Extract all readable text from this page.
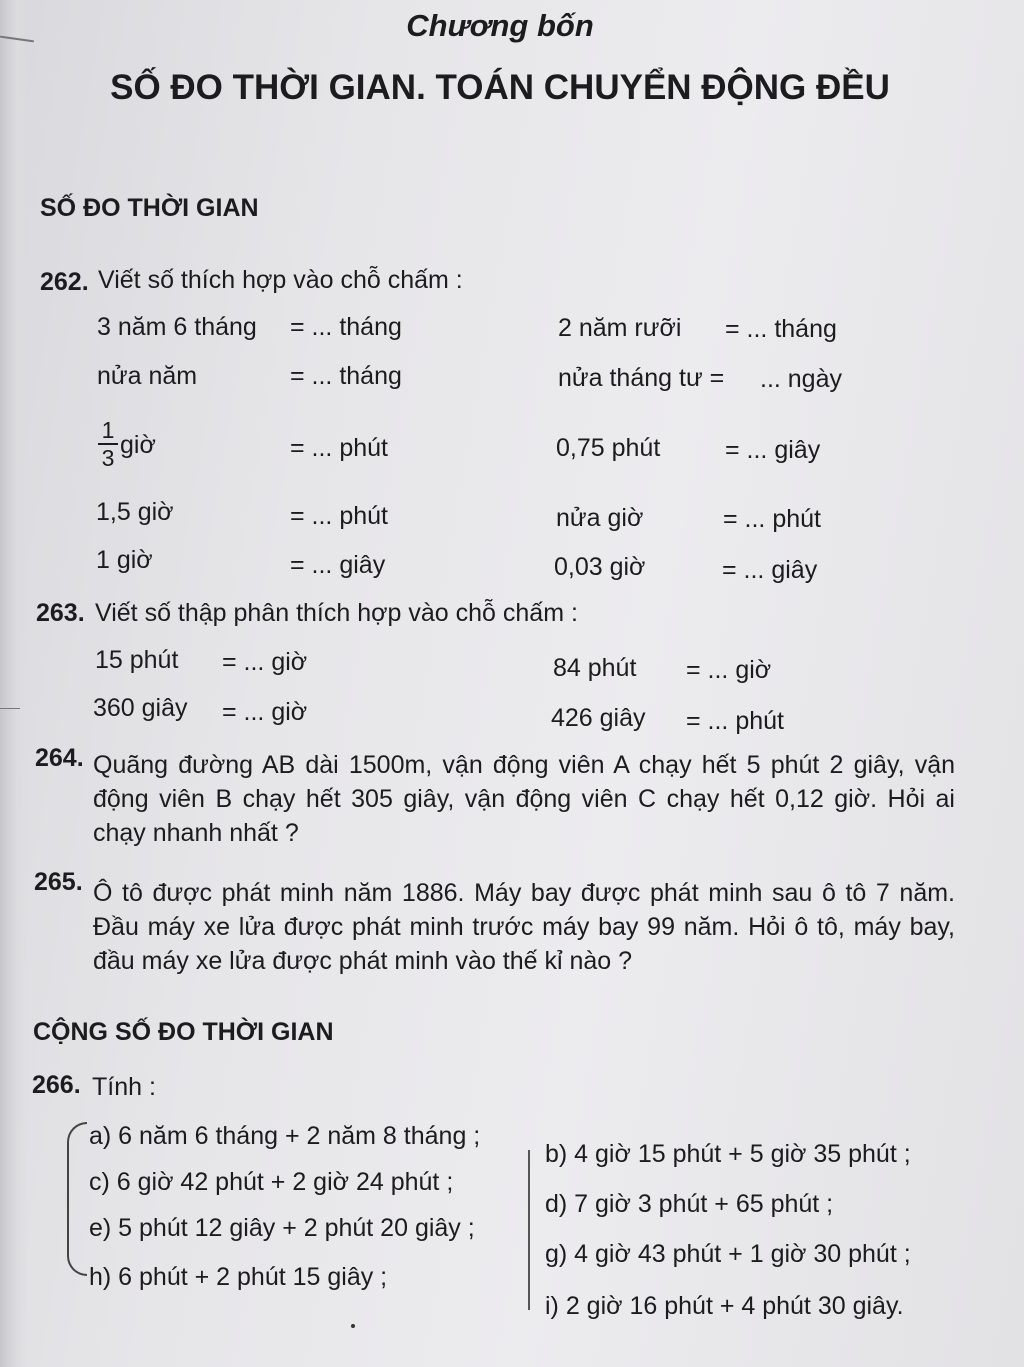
Chương bốn
SỐ ĐO THỜI GIAN. TOÁN CHUYỂN ĐỘNG ĐỀU
SỐ ĐO THỜI GIAN
262. Viết số thích hợp vào chỗ chấm :
3 năm 6 tháng = ... tháng	2 năm rưỡi = ... tháng
nửa năm	= ... tháng	nửa tháng tư = ... ngày
1
3 giờ	= ... phút	0,75 phút	= ... giây
1,5 giờ	= ... phút	nửa giờ	= ... phút
1 giờ	= ... giây	0,03 giờ	= ... giây
263. Viết số thập phân thích hợp vào chỗ chấm :
15 phút = ... giờ	84 phút = ... giờ
360 giây = ... giờ	426 giây = ... phút
264. Quãng đường AB dài 1500m, vận động viên A chạy hết 5 phút 2 giây, vận động viên B chạy hết 305 giây, vận động viên C chạy hết 0,12 giờ. Hỏi ai chạy nhanh nhất ?
265. Ô tô được phát minh năm 1886. Máy bay được phát minh sau ô tô 7 năm. Đầu máy xe lửa được phát minh trước máy bay 99 năm. Hỏi ô tô, máy bay, đầu máy xe lửa được phát minh vào thế kỉ nào ?
CỘNG SỐ ĐO THỜI GIAN
266. Tính :
a) 6 năm 6 tháng + 2 năm 8 tháng ;
c) 6 giờ 42 phút + 2 giờ 24 phút ;
e) 5 phút 12 giây + 2 phút 20 giây ;
h) 6 phút + 2 phút 15 giây ;
b) 4 giờ 15 phút + 5 giờ 35 phút ;
d) 7 giờ 3 phút + 65 phút ;
g) 4 giờ 43 phút + 1 giờ 30 phút ;
i) 2 giờ 16 phút + 4 phút 30 giây.
